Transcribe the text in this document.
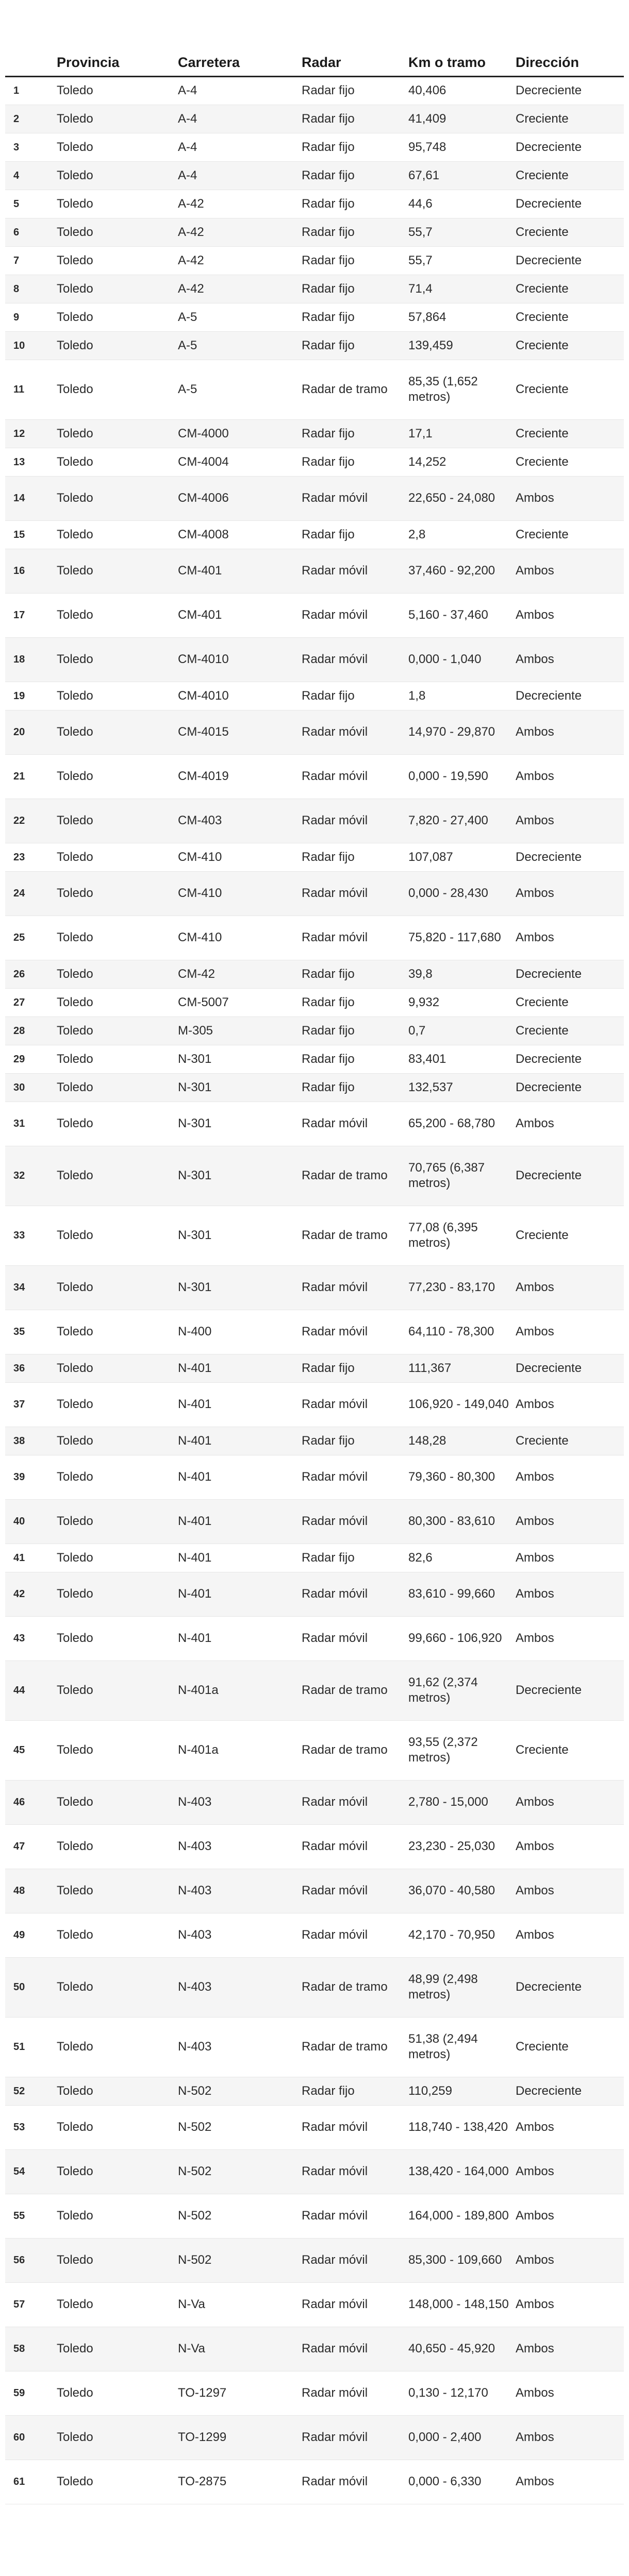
	Provincia	Carretera	Radar	Km o tramo	Dirección
1	Toledo	A-4	Radar fijo	40,406	Decreciente
2	Toledo	A-4	Radar fijo	41,409	Creciente
3	Toledo	A-4	Radar fijo	95,748	Decreciente
4	Toledo	A-4	Radar fijo	67,61	Creciente
5	Toledo	A-42	Radar fijo	44,6	Decreciente
6	Toledo	A-42	Radar fijo	55,7	Creciente
7	Toledo	A-42	Radar fijo	55,7	Decreciente
8	Toledo	A-42	Radar fijo	71,4	Creciente
9	Toledo	A-5	Radar fijo	57,864	Creciente
10	Toledo	A-5	Radar fijo	139,459	Creciente
11	Toledo	A-5	Radar de tramo	85,35 (1,652 metros)	Creciente
12	Toledo	CM-4000	Radar fijo	17,1	Creciente
13	Toledo	CM-4004	Radar fijo	14,252	Creciente
14	Toledo	CM-4006	Radar móvil	22,650 - 24,080	Ambos
15	Toledo	CM-4008	Radar fijo	2,8	Creciente
16	Toledo	CM-401	Radar móvil	37,460 - 92,200	Ambos
17	Toledo	CM-401	Radar móvil	5,160 - 37,460	Ambos
18	Toledo	CM-4010	Radar móvil	0,000 - 1,040	Ambos
19	Toledo	CM-4010	Radar fijo	1,8	Decreciente
20	Toledo	CM-4015	Radar móvil	14,970 - 29,870	Ambos
21	Toledo	CM-4019	Radar móvil	0,000 - 19,590	Ambos
22	Toledo	CM-403	Radar móvil	7,820 - 27,400	Ambos
23	Toledo	CM-410	Radar fijo	107,087	Decreciente
24	Toledo	CM-410	Radar móvil	0,000 - 28,430	Ambos
25	Toledo	CM-410	Radar móvil	75,820 - 117,680	Ambos
26	Toledo	CM-42	Radar fijo	39,8	Decreciente
27	Toledo	CM-5007	Radar fijo	9,932	Creciente
28	Toledo	M-305	Radar fijo	0,7	Creciente
29	Toledo	N-301	Radar fijo	83,401	Decreciente
30	Toledo	N-301	Radar fijo	132,537	Decreciente
31	Toledo	N-301	Radar móvil	65,200 - 68,780	Ambos
32	Toledo	N-301	Radar de tramo	70,765 (6,387 metros)	Decreciente
33	Toledo	N-301	Radar de tramo	77,08 (6,395 metros)	Creciente
34	Toledo	N-301	Radar móvil	77,230 - 83,170	Ambos
35	Toledo	N-400	Radar móvil	64,110 - 78,300	Ambos
36	Toledo	N-401	Radar fijo	111,367	Decreciente
37	Toledo	N-401	Radar móvil	106,920 - 149,040	Ambos
38	Toledo	N-401	Radar fijo	148,28	Creciente
39	Toledo	N-401	Radar móvil	79,360 - 80,300	Ambos
40	Toledo	N-401	Radar móvil	80,300 - 83,610	Ambos
41	Toledo	N-401	Radar fijo	82,6	Ambos
42	Toledo	N-401	Radar móvil	83,610 - 99,660	Ambos
43	Toledo	N-401	Radar móvil	99,660 - 106,920	Ambos
44	Toledo	N-401a	Radar de tramo	91,62 (2,374 metros)	Decreciente
45	Toledo	N-401a	Radar de tramo	93,55 (2,372 metros)	Creciente
46	Toledo	N-403	Radar móvil	2,780 - 15,000	Ambos
47	Toledo	N-403	Radar móvil	23,230 - 25,030	Ambos
48	Toledo	N-403	Radar móvil	36,070 - 40,580	Ambos
49	Toledo	N-403	Radar móvil	42,170 - 70,950	Ambos
50	Toledo	N-403	Radar de tramo	48,99 (2,498 metros)	Decreciente
51	Toledo	N-403	Radar de tramo	51,38 (2,494 metros)	Creciente
52	Toledo	N-502	Radar fijo	110,259	Decreciente
53	Toledo	N-502	Radar móvil	118,740 - 138,420	Ambos
54	Toledo	N-502	Radar móvil	138,420 - 164,000	Ambos
55	Toledo	N-502	Radar móvil	164,000 - 189,800	Ambos
56	Toledo	N-502	Radar móvil	85,300 - 109,660	Ambos
57	Toledo	N-Va	Radar móvil	148,000 - 148,150	Ambos
58	Toledo	N-Va	Radar móvil	40,650 - 45,920	Ambos
59	Toledo	TO-1297	Radar móvil	0,130 - 12,170	Ambos
60	Toledo	TO-1299	Radar móvil	0,000 - 2,400	Ambos
61	Toledo	TO-2875	Radar móvil	0,000 - 6,330	Ambos
